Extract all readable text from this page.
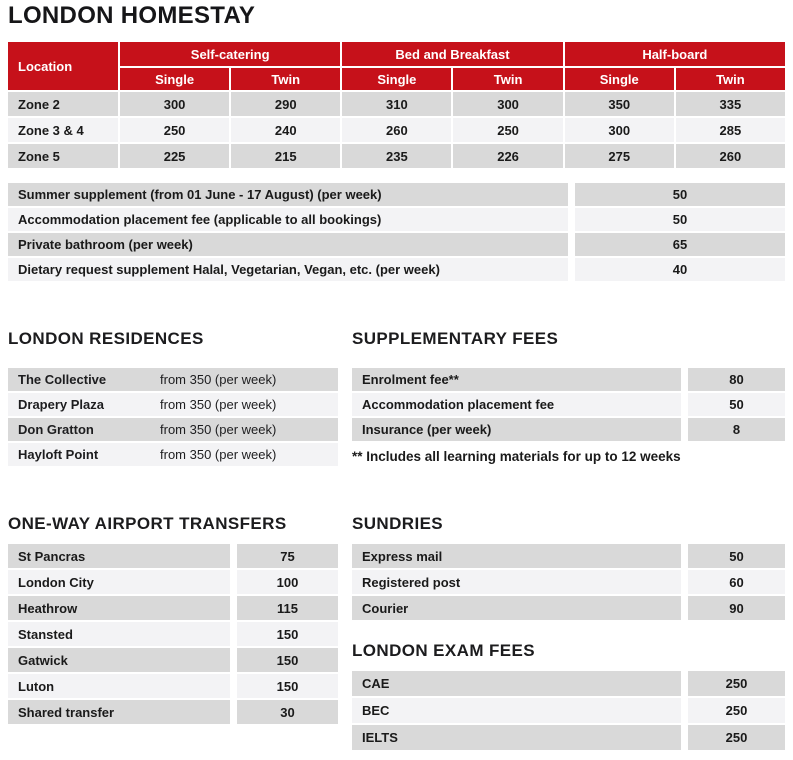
LONDON HOMESTAY
Location
Self-catering	Bed and Breakfast	Half-board
Single	Twin	Single	Twin	Single	Twin
Zone 2	300	290	310	300	350	335
Zone 3 & 4	250	240	260	250	300	285
Zone 5	225	215	235	226	275	260
Summer supplement (from 01 June - 17 August) (per week)	50
Accommodation placement fee (applicable to all bookings)	50
Private bathroom (per week)	65
Dietary request supplement Halal, Vegetarian, Vegan, etc. (per week)	40
LONDON RESIDENCES
The Collective	from 350 (per week)
Drapery Plaza	from 350 (per week)
Don Gratton	from 350 (per week)
Hayloft Point	from 350 (per week)
SUPPLEMENTARY FEES
Enrolment fee**	80
Accommodation placement fee	50
Insurance (per week)	8
** Includes all learning materials for up to 12 weeks
ONE-WAY AIRPORT TRANSFERS
St Pancras	75
London City	100
Heathrow	115
Stansted	150
Gatwick	150
Luton	150
Shared transfer	30
SUNDRIES
Express mail	50
Registered post	60
Courier	90
LONDON EXAM FEES
CAE	250
BEC	250
IELTS	250
